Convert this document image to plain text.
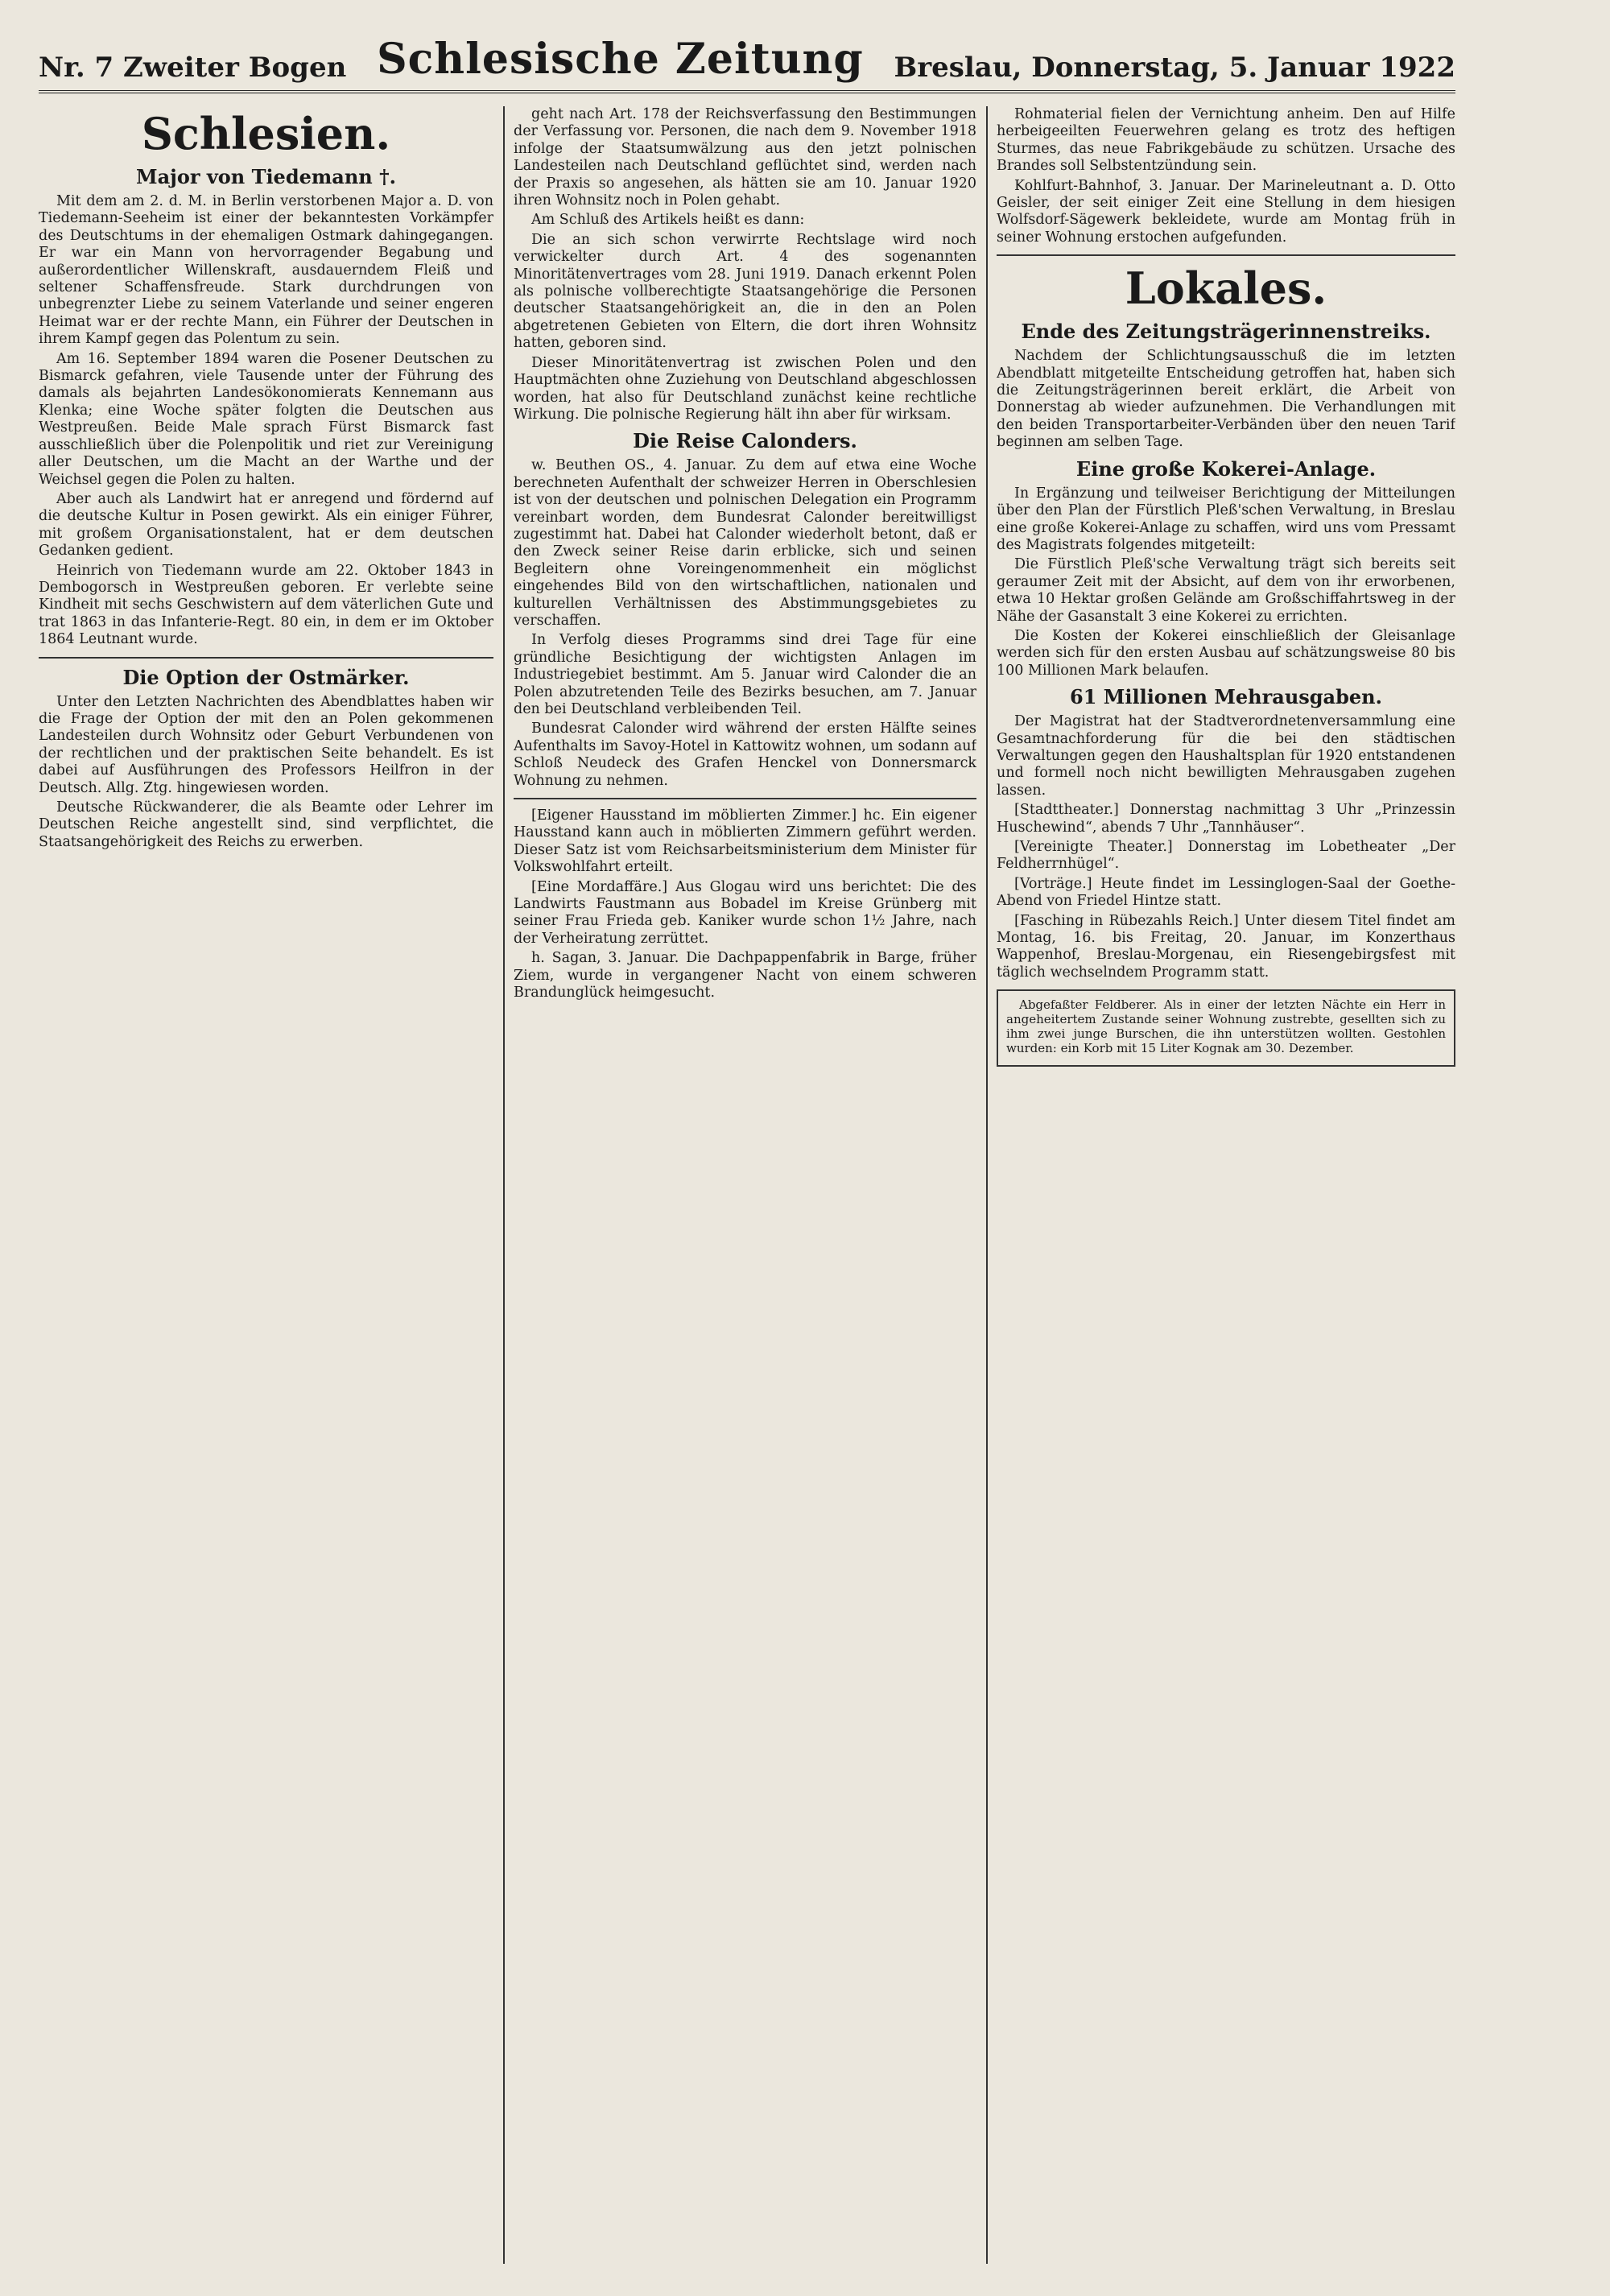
Nr. 7 Zweiter Bogen Schlesische Zeitung Breslau, Donnerstag, 5. Januar 1922
Schlesien.
Major von Tiedemann †.

Mit dem am 2. d. M. in Berlin verstorbenen Major a. D. von Tiedemann-Seeheim ist einer der bekanntesten Vorkämpfer des Deutschtums in der ehemaligen Ostmark dahingegangen. Er war ein Mann von hervorragender Begabung und außerordentlicher Willenskraft, ausdauerndem Fleiß und seltener Schaffensfreude. Stark durchdrungen von unbegrenzter Liebe zu seinem Vaterlande und seiner engeren Heimat war er der rechte Mann, ein Führer der Deutschen in ihrem Kampf gegen das Polentum zu sein.

Am 16. September 1894 waren die Posener Deutschen zu Bismarck gefahren, viele Tausende unter der Führung des damals als bejahrten Landesökonomierats Kennemann aus Klenka; eine Woche später folgten die Deutschen aus Westpreußen. Beide Male sprach Fürst Bismarck fast ausschließlich über die Polenpolitik und riet zur Vereinigung aller Deutschen, um die Macht an der Warthe und der Weichsel gegen die Polen zu halten.

Aber auch als Landwirt hat er anregend und fördernd auf die deutsche Kultur in Posen gewirkt. Als ein einiger Führer, mit großem Organisationstalent, hat er dem deutschen Gedanken gedient.

Heinrich von Tiedemann wurde am 22. Oktober 1843 in Dembogorsch in Westpreußen geboren. Er verlebte seine Kindheit mit sechs Geschwistern auf dem väterlichen Gute und trat 1863 in das Infanterie-Regt. 80 ein, in dem er im Oktober 1864 Leutnant wurde.

Die Option der Ostmärker.

Unter den Letzten Nachrichten des Abendblattes haben wir die Frage der Option der mit den an Polen gekommenen Landesteilen durch Wohnsitz oder Geburt Verbundenen von der rechtlichen und der praktischen Seite behandelt. Es ist dabei auf Ausführungen des Professors Heilfron in der Deutsch. Allg. Ztg. hingewiesen worden.

Deutsche Rückwanderer, die als Beamte oder Lehrer im Deutschen Reiche angestellt sind, sind verpflichtet, die Staatsangehörigkeit des Reichs zu erwerben.

geht nach Art. 178 der Reichsverfassung den Bestimmungen der Verfassung vor. Personen, die nach dem 9. November 1918 infolge der Staatsumwälzung aus den jetzt polnischen Landesteilen nach Deutschland geflüchtet sind, werden nach der Praxis so angesehen, als hätten sie am 10. Januar 1920 ihren Wohnsitz noch in Polen gehabt.

Am Schluß des Artikels heißt es dann:

Die an sich schon verwirrte Rechtslage wird noch verwickelter durch Art. 4 des sogenannten Minoritätenvertrages vom 28. Juni 1919. Danach erkennt Polen als polnische vollberechtigte Staatsangehörige die Personen deutscher Staatsangehörigkeit an, die in den an Polen abgetretenen Gebieten von Eltern, die dort ihren Wohnsitz hatten, geboren sind.

Dieser Minoritätenvertrag ist zwischen Polen und den Hauptmächten ohne Zuziehung von Deutschland abgeschlossen worden, hat also für Deutschland zunächst keine rechtliche Wirkung. Die polnische Regierung hält ihn aber für wirksam.

Die Reise Calonders.

w. Beuthen OS., 4. Januar. Zu dem auf etwa eine Woche berechneten Aufenthalt der schweizer Herren in Oberschlesien ist von der deutschen und polnischen Delegation ein Programm vereinbart worden, dem Bundesrat Calonder bereitwilligst zugestimmt hat. Dabei hat Calonder wiederholt betont, daß er den Zweck seiner Reise darin erblicke, sich und seinen Begleitern ohne Voreingenommenheit ein möglichst eingehendes Bild von den wirtschaftlichen, nationalen und kulturellen Verhältnissen des Abstimmungsgebietes zu verschaffen.

In Verfolg dieses Programms sind drei Tage für eine gründliche Besichtigung der wichtigsten Anlagen im Industriegebiet bestimmt. Am 5. Januar wird Calonder die an Polen abzutretenden Teile des Bezirks besuchen, am 7. Januar den bei Deutschland verbleibenden Teil.

Bundesrat Calonder wird während der ersten Hälfte seines Aufenthalts im Savoy-Hotel in Kattowitz wohnen, um sodann auf Schloß Neudeck des Grafen Henckel von Donnersmarck Wohnung zu nehmen.

[Eigener Hausstand im möblierten Zimmer.] hc. Ein eigener Hausstand kann auch in möblierten Zimmern geführt werden. Dieser Satz ist vom Reichsarbeitsministerium dem Minister für Volkswohlfahrt erteilt.

[Eine Mordaffäre.] Aus Glogau wird uns berichtet: Die des Landwirts Faustmann aus Bobadel im Kreise Grünberg mit seiner Frau Frieda geb. Kaniker wurde schon 1½ Jahre, nach der Verheiratung zerrüttet.

h. Sagan, 3. Januar. Die Dachpappenfabrik in Barge, früher Ziem, wurde in vergangener Nacht von einem schweren Brandunglück heimgesucht.

Rohmaterial fielen der Vernichtung anheim. Den auf Hilfe herbeigeeilten Feuerwehren gelang es trotz des heftigen Sturmes, das neue Fabrikgebäude zu schützen. Ursache des Brandes soll Selbstentzündung sein.

Kohlfurt-Bahnhof, 3. Januar. Der Marineleutnant a. D. Otto Geisler, der seit einiger Zeit eine Stellung in dem hiesigen Wolfsdorf-Sägewerk bekleidete, wurde am Montag früh in seiner Wohnung erstochen aufgefunden.

Lokales.
Ende des Zeitungsträgerinnenstreiks.

Nachdem der Schlichtungsausschuß die im letzten Abendblatt mitgeteilte Entscheidung getroffen hat, haben sich die Zeitungsträgerinnen bereit erklärt, die Arbeit von Donnerstag ab wieder aufzunehmen. Die Verhandlungen mit den beiden Transportarbeiter-Verbänden über den neuen Tarif beginnen am selben Tage.

Eine große Kokerei-Anlage.

In Ergänzung und teilweiser Berichtigung der Mitteilungen über den Plan der Fürstlich Pleß'schen Verwaltung, in Breslau eine große Kokerei-Anlage zu schaffen, wird uns vom Pressamt des Magistrats folgendes mitgeteilt:

Die Fürstlich Pleß'sche Verwaltung trägt sich bereits seit geraumer Zeit mit der Absicht, auf dem von ihr erworbenen, etwa 10 Hektar großen Gelände am Großschiffahrtsweg in der Nähe der Gasanstalt 3 eine Kokerei zu errichten.

Die Kosten der Kokerei einschließlich der Gleisanlage werden sich für den ersten Ausbau auf schätzungsweise 80 bis 100 Millionen Mark belaufen.

61 Millionen Mehrausgaben.

Der Magistrat hat der Stadtverordnetenversammlung eine Gesamtnachforderung für die bei den städtischen Verwaltungen gegen den Haushaltsplan für 1920 entstandenen und formell noch nicht bewilligten Mehrausgaben zugehen lassen.

[Stadttheater.] Donnerstag nachmittag 3 Uhr „Prinzessin Huschewind“, abends 7 Uhr „Tannhäuser“.

[Vereinigte Theater.] Donnerstag im Lobetheater „Der Feldherrnhügel“.

[Vorträge.] Heute findet im Lessinglogen-Saal der Goethe-Abend von Friedel Hintze statt.

[Fasching in Rübezahls Reich.] Unter diesem Titel findet am Montag, 16. bis Freitag, 20. Januar, im Konzerthaus Wappenhof, Breslau-Morgenau, ein Riesengebirgsfest mit täglich wechselndem Programm statt.

Abgefaßter Feldberer. Als in einer der letzten Nächte ein Herr in angeheitertem Zustande seiner Wohnung zustrebte, gesellten sich zu ihm zwei junge Burschen, die ihn unterstützen wollten. Gestohlen wurden: ein Korb mit 15 Liter Kognak am 30. Dezember.
